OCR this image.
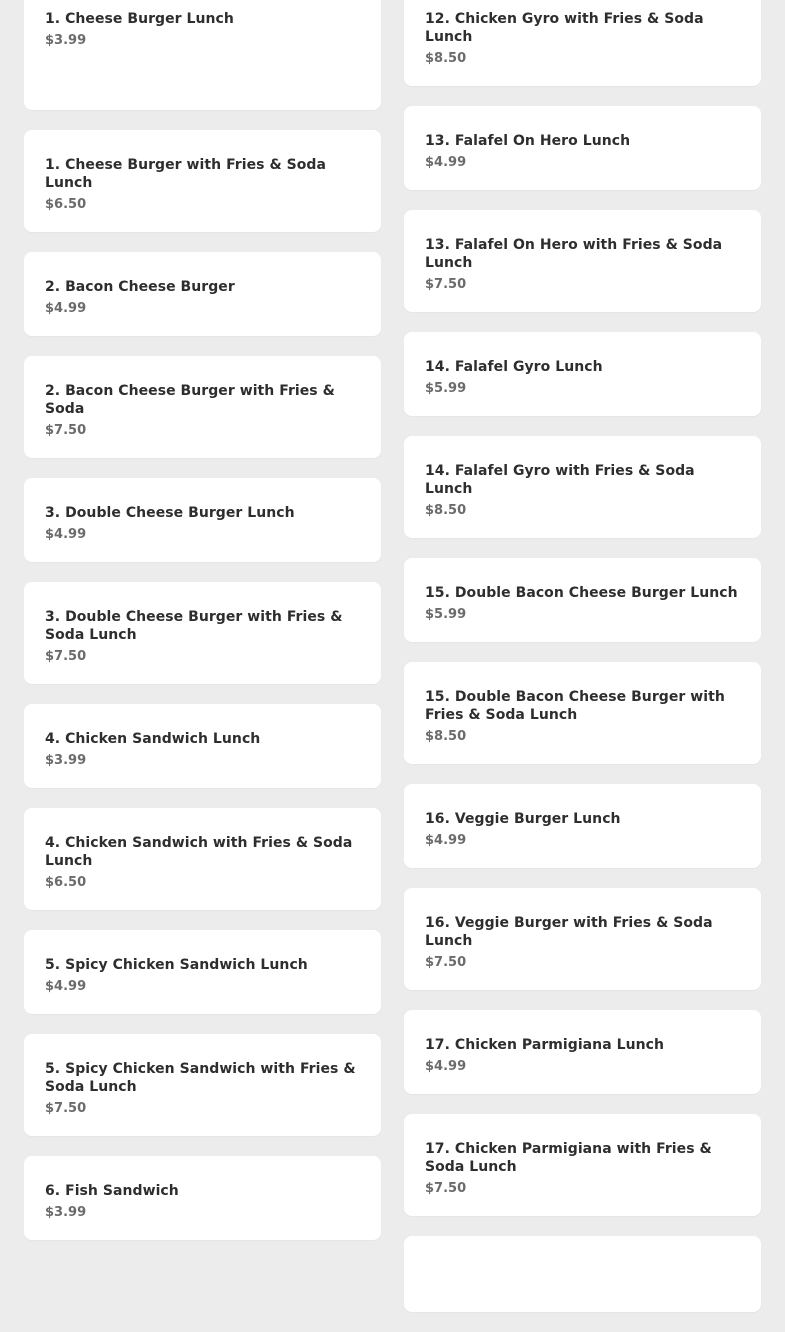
1. Cheese Burger Lunch
$3.99
1. Cheese Burger with Fries & Soda Lunch
$6.50
2. Bacon Cheese Burger
$4.99
2. Bacon Cheese Burger with Fries & Soda
$7.50
3. Double Cheese Burger Lunch
$4.99
3. Double Cheese Burger with Fries & Soda Lunch
$7.50
4. Chicken Sandwich Lunch
$3.99
4. Chicken Sandwich with Fries & Soda Lunch
$6.50
5. Spicy Chicken Sandwich Lunch
$4.99
5. Spicy Chicken Sandwich with Fries & Soda Lunch
$7.50
6. Fish Sandwich
$3.99
12. Chicken Gyro with Fries & Soda Lunch
$8.50
13. Falafel On Hero Lunch
$4.99
13. Falafel On Hero with Fries & Soda Lunch
$7.50
14. Falafel Gyro Lunch
$5.99
14. Falafel Gyro with Fries & Soda Lunch
$8.50
15. Double Bacon Cheese Burger Lunch
$5.99
15. Double Bacon Cheese Burger with Fries & Soda Lunch
$8.50
16. Veggie Burger Lunch
$4.99
16. Veggie Burger with Fries & Soda Lunch
$7.50
17. Chicken Parmigiana Lunch
$4.99
17. Chicken Parmigiana with Fries & Soda Lunch
$7.50
